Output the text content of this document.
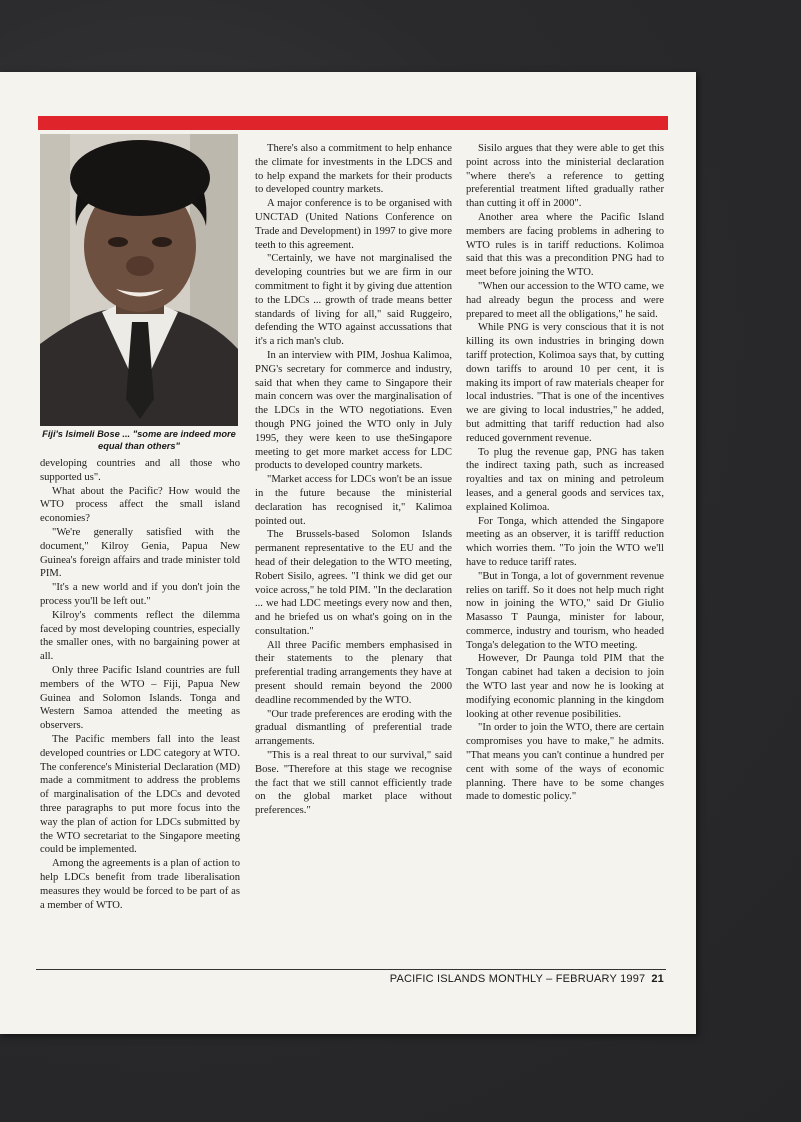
Fiji's Isimeli Bose ... "some are indeed more equal than others"

developing countries and all those who supported us".

What about the Pacific? How would the WTO process affect the small island economies?

"We're generally satisfied with the document," Kilroy Genia, Papua New Guinea's foreign affairs and trade minister told PIM.

"It's a new world and if you don't join the process you'll be left out."

Kilroy's comments reflect the dilemma faced by most developing countries, especially the smaller ones, with no bargaining power at all.

Only three Pacific Island countries are full members of the WTO – Fiji, Papua New Guinea and Solomon Islands. Tonga and Western Samoa attended the meeting as observers.

The Pacific members fall into the least developed countries or LDC category at WTO. The conference's Ministerial Declaration (MD) made a commitment to address the problems of marginalisation of the LDCs and devoted three paragraphs to put more focus into the way the plan of action for LDCs submitted by the WTO secretariat to the Singapore meeting could be implemented.

Among the agreements is a plan of action to help LDCs benefit from trade liberalisation measures they would be forced to be part of as a member of WTO.

There's also a commitment to help enhance the climate for investments in the LDCS and to help expand the markets for their products to developed country markets.

A major conference is to be organised with UNCTAD (United Nations Conference on Trade and Development) in 1997 to give more teeth to this agreement.

"Certainly, we have not marginalised the developing countries but we are firm in our commitment to fight it by giving due attention to the LDCs ... growth of trade means better standards of living for all," said Ruggeiro, defending the WTO against accussations that it's a rich man's club.

In an interview with PIM, Joshua Kalimoa, PNG's secretary for commerce and industry, said that when they came to Singapore their main concern was over the marginalisation of the LDCs in the WTO negotiations. Even though PNG joined the WTO only in July 1995, they were keen to use theSingapore meeting to get more market access for LDC products to developed country markets.

"Market access for LDCs won't be an issue in the future because the ministerial declaration has recognised it," Kalimoa pointed out.

The Brussels-based Solomon Islands permanent representative to the EU and the head of their delegation to the WTO meeting, Robert Sisilo, agrees. "I think we did get our voice across," he told PIM. "In the declaration ... we had LDC meetings every now and then, and he briefed us on what's going on in the consultation."

All three Pacific members emphasised in their statements to the plenary that preferential trading arrangements they have at present should remain beyond the 2000 deadline recommended by the WTO.

"Our trade preferences are eroding with the gradual dismantling of preferential trade arrangements.

"This is a real threat to our survival," said Bose. "Therefore at this stage we recognise the fact that we still cannot efficiently trade on the global market place without preferences."

Sisilo argues that they were able to get this point across into the ministerial declaration "where there's a reference to getting preferential treatment lifted gradually rather than cutting it off in 2000".

Another area where the Pacific Island members are facing problems in adhering to WTO rules is in tariff reductions. Kolimoa said that this was a precondition PNG had to meet before joining the WTO.

"When our accession to the WTO came, we had already begun the process and were prepared to meet all the obligations," he said.

While PNG is very conscious that it is not killing its own industries in bringing down tariff protection, Kolimoa says that, by cutting down tariffs to around 10 per cent, it is making its import of raw materials cheaper for local industries. "That is one of the incentives we are giving to local industries," he added, but admitting that tariff reduction had also reduced government revenue.

To plug the revenue gap, PNG has taken the indirect taxing path, such as increased royalties and tax on mining and petroleum leases, and a general goods and services tax, explained Kolimoa.

For Tonga, which attended the Singapore meeting as an observer, it is tarifff reduction which worries them. "To join the WTO we'll have to reduce tariff rates.

"But in Tonga, a lot of government revenue relies on tariff. So it does not help much right now in joining the WTO," said Dr Giulio Masasso T Paunga, minister for labour, commerce, industry and tourism, who headed Tonga's delegation to the WTO meeting.

However, Dr Paunga told PIM that the Tongan cabinet had taken a decision to join the WTO last year and now he is looking at modifying economic planning in the kingdom looking at other revenue posibilities.

"In order to join the WTO, there are certain compromises you have to make," he admits. "That means you can't continue a hundred per cent with some of the ways of economic planning. There have to be some changes made to domestic policy."

PACIFIC ISLANDS MONTHLY – FEBRUARY 1997 21
